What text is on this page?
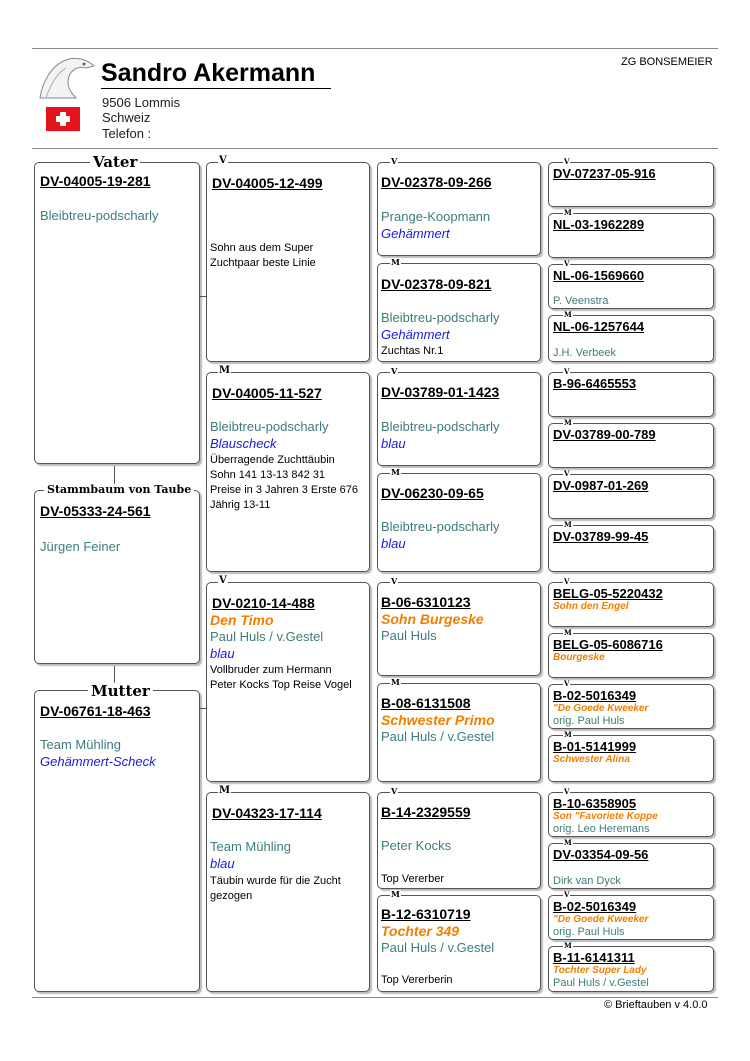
Sandro Akermann
9506 Lommis
Schweiz
Telefon :
ZG BONSEMEIER
DV-04005-19-281
Bleibtreu-podscharly
Vater
DV-05333-24-561
Jürgen Feiner
Stammbaum von Taube
DV-06761-18-463
Team Mühling
Gehämmert-Scheck
Mutter
DV-04005-12-499
Sohn aus dem Super
Zuchtpaar beste Linie
V
DV-04005-11-527
Bleibtreu-podscharly
Blauscheck
Überragende Zuchttäubin
Sohn 141 13-13 842 31
Preise in 3 Jahren 3 Erste 676
Jährig 13-11
M
DV-0210-14-488
Den Timo
Paul Huls / v.Gestel
blau
Vollbruder zum Hermann
Peter Kocks Top Reise Vogel
V
DV-04323-17-114
Team Mühling
blau
Täubin wurde für die Zucht
gezogen
M
DV-02378-09-266
Prange-Koopmann
Gehämmert
V
DV-02378-09-821
Bleibtreu-podscharly
Gehämmert
Zuchtas Nr.1
M
DV-03789-01-1423
Bleibtreu-podscharly
blau
V
DV-06230-09-65
Bleibtreu-podscharly
blau
M
B-06-6310123
Sohn Burgeske
Paul Huls
V
B-08-6131508
Schwester Primo
Paul Huls / v.Gestel
M
B-14-2329559
Peter Kocks
Top Vererber
V
B-12-6310719
Tochter 349
Paul Huls / v.Gestel
Top Vererberin
M
DV-07237-05-916
V
NL-03-1962289
M
NL-06-1569660
P. Veenstra
V
NL-06-1257644
J.H. Verbeek
M
B-96-6465553
V
DV-03789-00-789
M
DV-0987-01-269
V
DV-03789-99-45
M
BELG-05-5220432
Sohn den Engel
V
BELG-05-6086716
Bourgeske
M
B-02-5016349
"De Goede Kweeker
orig. Paul Huls
V
B-01-5141999
Schwester Alina
M
B-10-6358905
Son "Favoriete Koppe
orig. Leo Heremans
V
DV-03354-09-56
Dirk van Dyck
M
B-02-5016349
"De Goede Kweeker
orig. Paul Huls
V
B-11-6141311
Tochter Super Lady
Paul Huls / v.Gestel
M
© Brieftauben v 4.0.0
